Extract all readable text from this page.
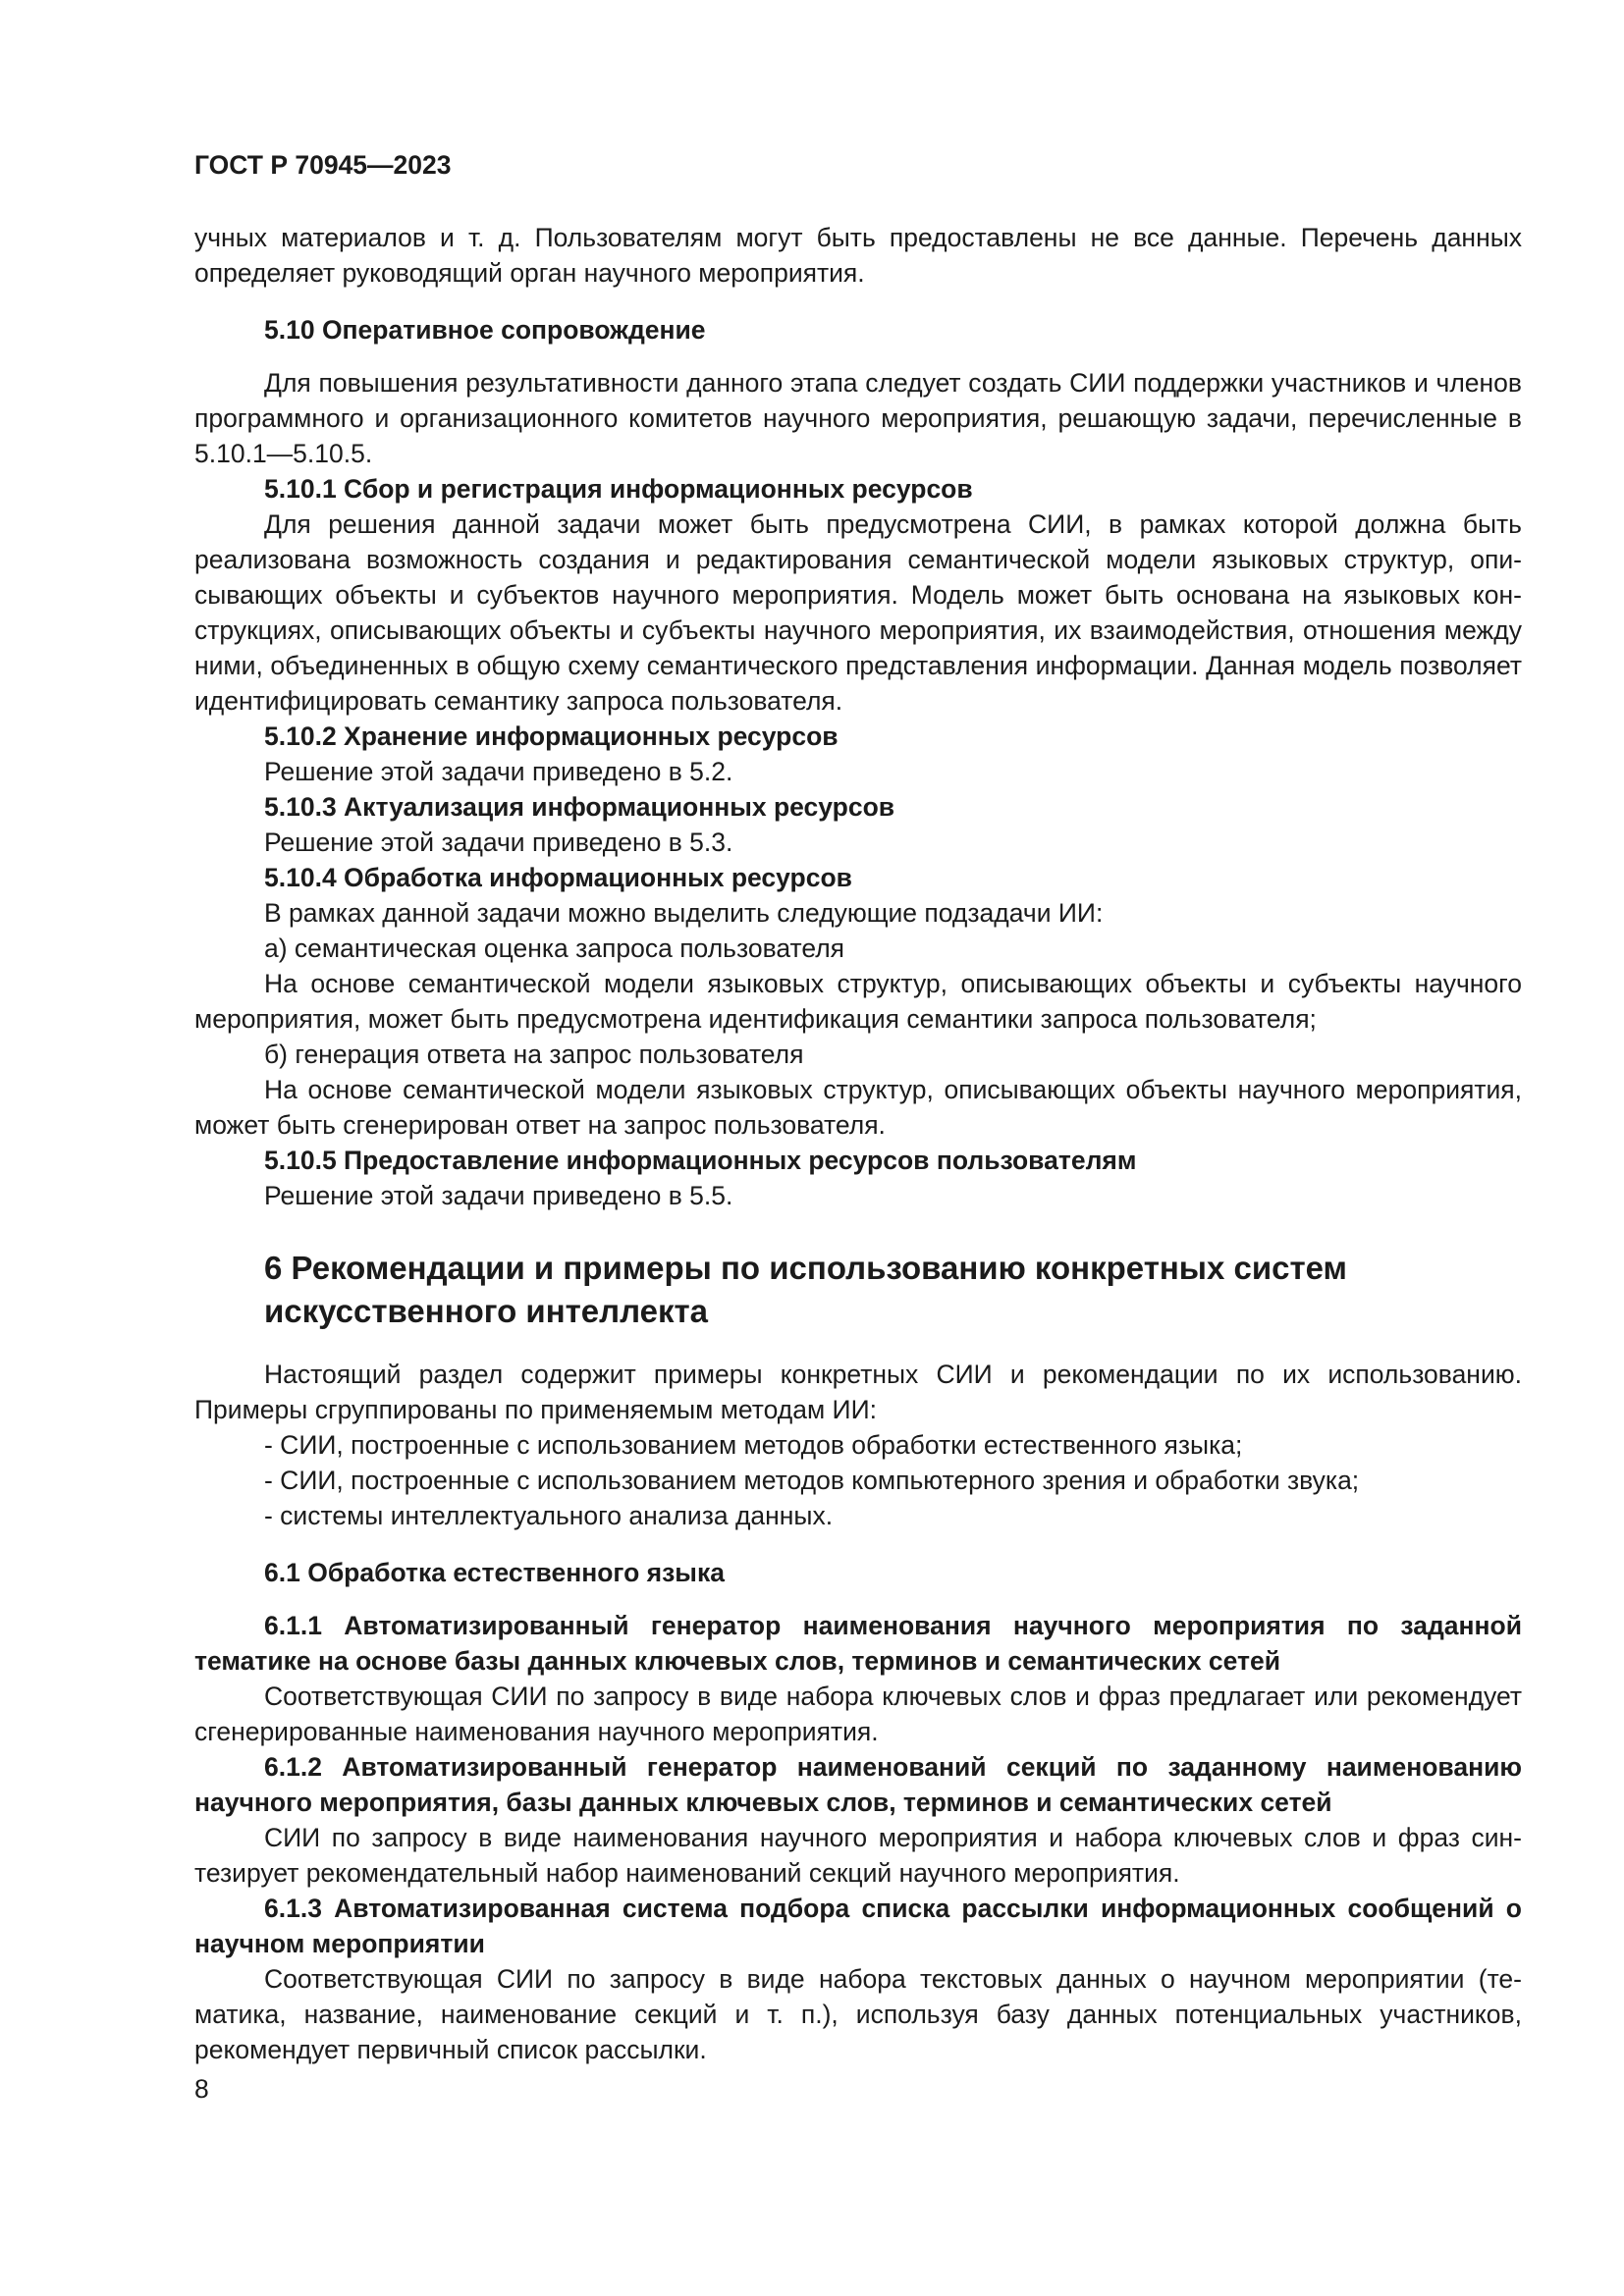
ГОСТ Р 70945—2023

учных материалов и т. д. Пользователям могут быть предоставлены не все данные. Перечень данных определяет руководящий орган научного мероприятия.

5.10 Оперативное сопровождение

Для повышения результативности данного этапа следует создать СИИ поддержки участников и членов программного и организационного комитетов научного мероприятия, решающую задачи, перечисленные в 5.10.1—5.10.5.

5.10.1 Сбор и регистрация информационных ресурсов

Для решения данной задачи может быть предусмотрена СИИ, в рамках которой должна быть реализована возможность создания и редактирования семантической модели языковых структур, описывающих объекты и субъектов научного мероприятия. Модель может быть основана на языковых конструкциях, описывающих объекты и субъекты научного мероприятия, их взаимодействия, отношения между ними, объединенных в общую схему семантического представления информации. Данная модель позволяет идентифицировать семантику запроса пользователя.

5.10.2 Хранение информационных ресурсов

Решение этой задачи приведено в 5.2.

5.10.3 Актуализация информационных ресурсов

Решение этой задачи приведено в 5.3.

5.10.4 Обработка информационных ресурсов

В рамках данной задачи можно выделить следующие подзадачи ИИ:

а) семантическая оценка запроса пользователя

На основе семантической модели языковых структур, описывающих объекты и субъекты научного мероприятия, может быть предусмотрена идентификация семантики запроса пользователя;

б) генерация ответа на запрос пользователя

На основе семантической модели языковых структур, описывающих объекты научного мероприятия, может быть сгенерирован ответ на запрос пользователя.

5.10.5 Предоставление информационных ресурсов пользователям

Решение этой задачи приведено в 5.5.

6 Рекомендации и примеры по использованию конкретных систем искусственного интеллекта

Настоящий раздел содержит примеры конкретных СИИ и рекомендации по их использованию. Примеры сгруппированы по применяемым методам ИИ:

- СИИ, построенные с использованием методов обработки естественного языка;

- СИИ, построенные с использованием методов компьютерного зрения и обработки звука;

- системы интеллектуального анализа данных.

6.1 Обработка естественного языка

6.1.1 Автоматизированный генератор наименования научного мероприятия по заданной тематике на основе базы данных ключевых слов, терминов и семантических сетей

Соответствующая СИИ по запросу в виде набора ключевых слов и фраз предлагает или рекомендует сгенерированные наименования научного мероприятия.

6.1.2 Автоматизированный генератор наименований секций по заданному наименованию научного мероприятия, базы данных ключевых слов, терминов и семантических сетей

СИИ по запросу в виде наименования научного мероприятия и набора ключевых слов и фраз синтезирует рекомендательный набор наименований секций научного мероприятия.

6.1.3 Автоматизированная система подбора списка рассылки информационных сообщений о научном мероприятии

Соответствующая СИИ по запросу в виде набора текстовых данных о научном мероприятии (тематика, название, наименование секций и т. п.), используя базу данных потенциальных участников, рекомендует первичный список рассылки.

8
